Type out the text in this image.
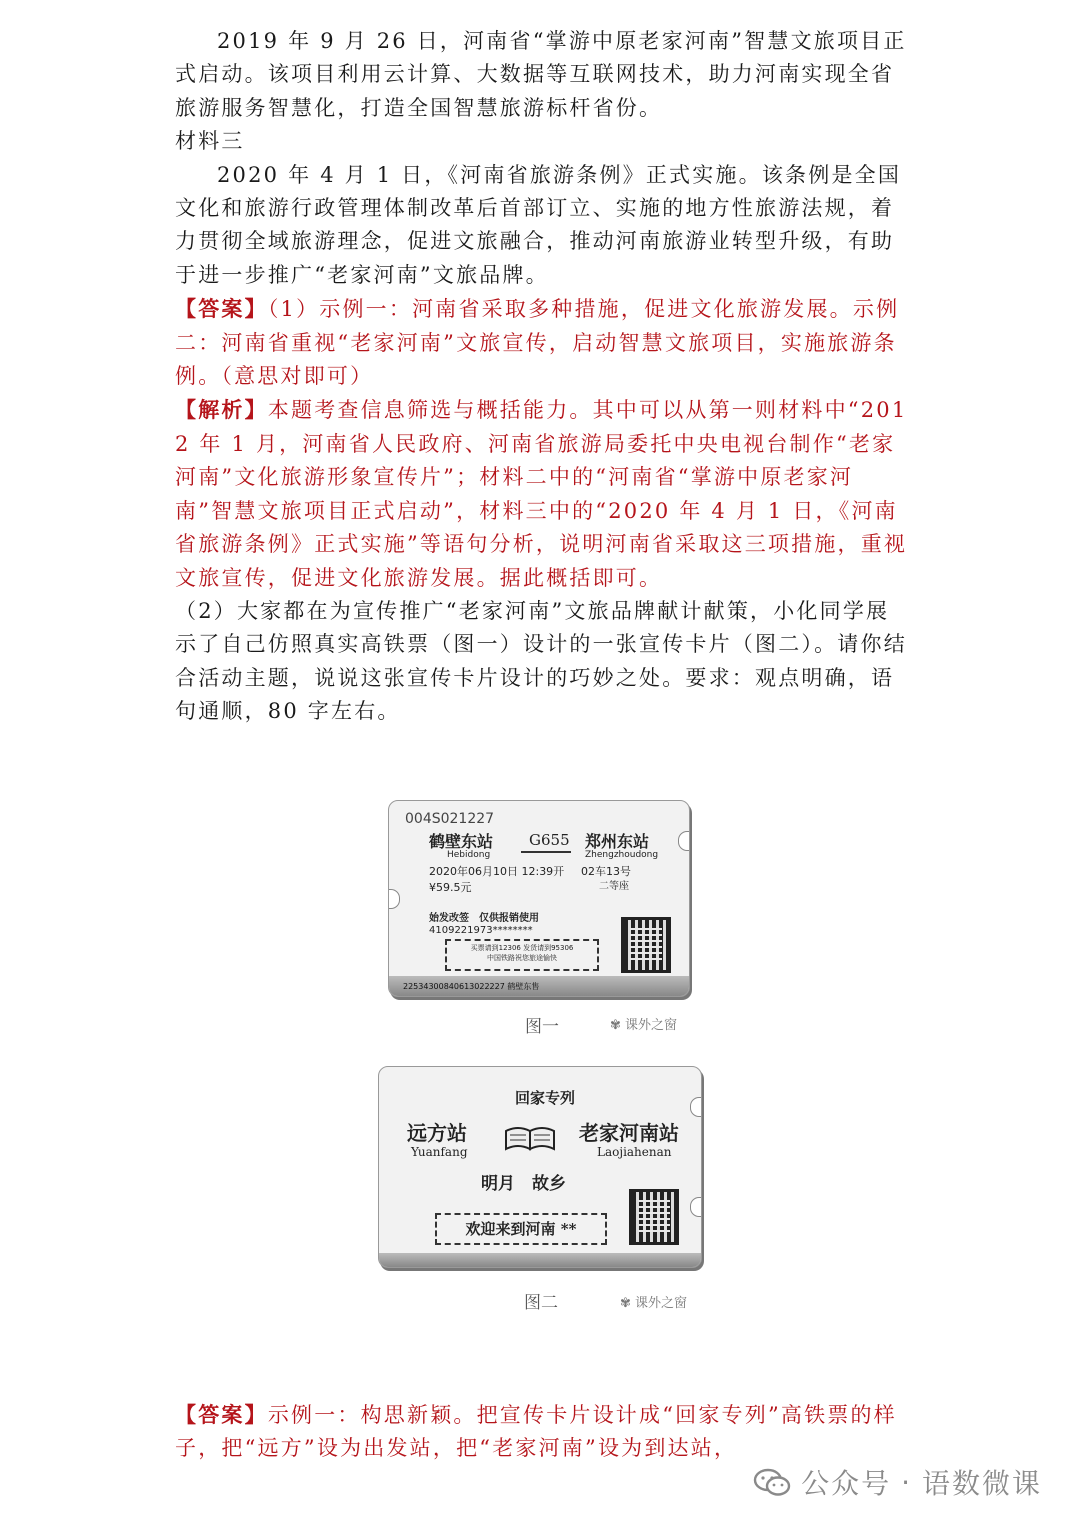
2019 年 9 月 26 日，河南省“掌游中原老家河南”智慧文旅项目正式启动。该项目利用云计算、大数据等互联网技术，助力河南实现全省旅游服务智慧化，打造全国智慧旅游标杆省份。

材料三

2020 年 4 月 1 日，《河南省旅游条例》正式实施。该条例是全国文化和旅游行政管理体制改革后首部订立、实施的地方性旅游法规，着力贯彻全域旅游理念，促进文旅融合，推动河南旅游业转型升级，有助于进一步推广“老家河南”文旅品牌。

【答案】（1）示例一：河南省采取多种措施，促进文化旅游发展。示例二：河南省重视“老家河南”文旅宣传，启动智慧文旅项目，实施旅游条例。（意思对即可）

【解析】本题考查信息筛选与概括能力。其中可以从第一则材料中“2012 年 1 月，河南省人民政府、河南省旅游局委托中央电视台制作“老家河南”文化旅游形象宣传片”；材料二中的“河南省“掌游中原老家河南”智慧文旅项目正式启动”，材料三中的“2020 年 4 月 1 日，《河南省旅游条例》正式实施”等语句分析，说明河南省采取这三项措施，重视文旅宣传，促进文化旅游发展。据此概括即可。

（2）大家都在为宣传推广“老家河南”文旅品牌献计献策，小化同学展示了自己仿照真实高铁票（图一）设计的一张宣传卡片（图二）。请你结合活动主题，说说这张宣传卡片设计的巧妙之处。要求：观点明确，语句通顺，80 字左右。

004S021227
鹤壁东站
Hebidong
G655 郑州东站
Zhengzhoudong
2020年06月10日 12:39开 02车13号
¥59.5元	二等座
始发改签　仅供报销使用
4109221973********
买票请到12306 发货请到95306
中国铁路祝您旅途愉快
22534300840613022227 鹤壁东售
图一	✾ 课外之窗
回家专列
远方站
Yuanfang
老家河南站
Laojiahenan
明月　故乡
欢迎来到河南 **
图二	✾ 课外之窗

【答案】示例一：构思新颖。把宣传卡片设计成“回家专列”高铁票的样子，把“远方”设为出发站，把“老家河南”设为到达站，

公众号 · 语数微课
